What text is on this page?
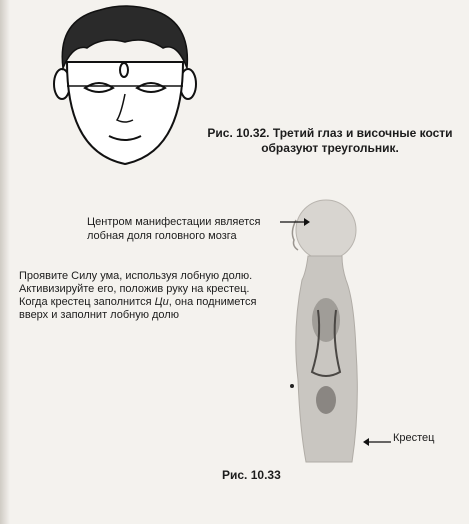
Рис. 10.32. Третий глаз и височные кости
образуют треугольник.
Центром манифестации является
лобная доля головного мозга
Проявите Силу ума, используя лобную долю.
Активизируйте его, положив руку на крестец.
Когда крестец заполнится Ци, она поднимется
вверх и заполнит лобную долю
Крестец
Рис. 10.33
